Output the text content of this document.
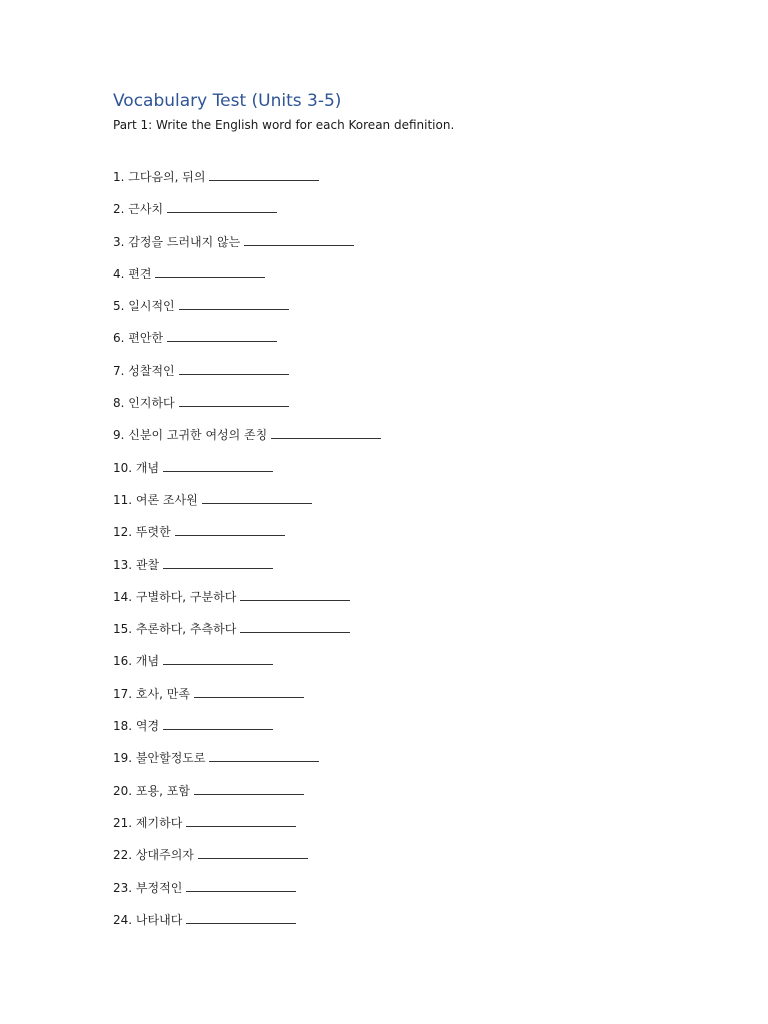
Vocabulary Test (Units 3-5)
Part 1: Write the English word for each Korean definition.
1. 그다음의, 뒤의
2. 근사치
3. 감정을 드러내지 않는
4. 편견
5. 일시적인
6. 편안한
7. 성찰적인
8. 인지하다
9. 신분이 고귀한 여성의 존칭
10. 개념
11. 여론 조사원
12. 뚜렷한
13. 관찰
14. 구별하다, 구분하다
15. 추론하다, 추측하다
16. 개념
17. 호사, 만족
18. 역경
19. 불안할정도로
20. 포용, 포함
21. 제기하다
22. 상대주의자
23. 부정적인
24. 나타내다
